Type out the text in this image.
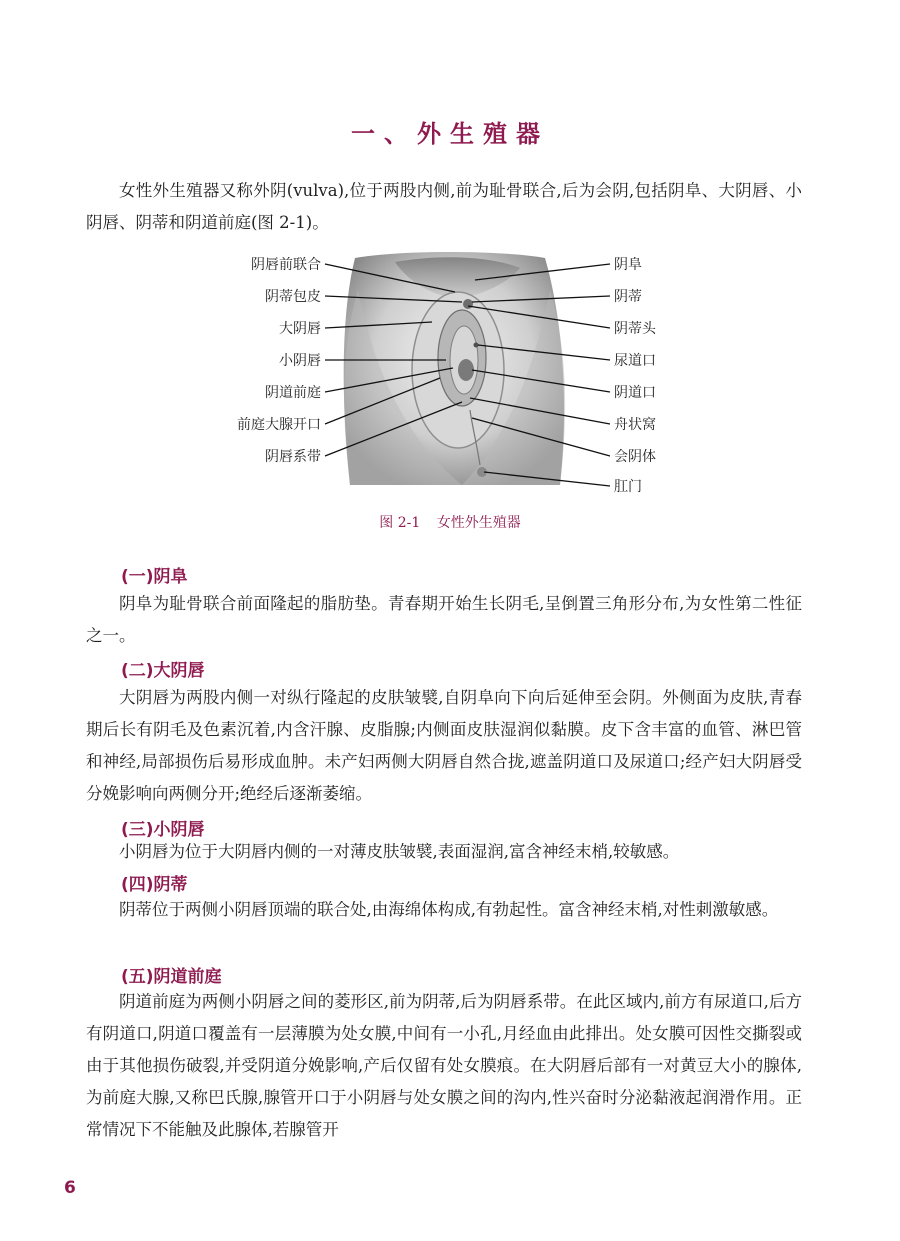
一、外生殖器

女性外生殖器又称外阴(vulva),位于两股内侧,前为耻骨联合,后为会阴,包括阴阜、大阴唇、小阴唇、阴蒂和阴道前庭(图 2-1)。

阴唇前联合
阴蒂包皮
大阴唇
小阴唇
阴道前庭
前庭大腺开口
阴唇系带
阴阜
阴蒂
阴蒂头
尿道口
阴道口
舟状窝
会阴体
肛门
图 2-1 女性外生殖器
(一)阴阜

阴阜为耻骨联合前面隆起的脂肪垫。青春期开始生长阴毛,呈倒置三角形分布,为女性第二性征之一。

(二)大阴唇

大阴唇为两股内侧一对纵行隆起的皮肤皱襞,自阴阜向下向后延伸至会阴。外侧面为皮肤,青春期后长有阴毛及色素沉着,内含汗腺、皮脂腺;内侧面皮肤湿润似黏膜。皮下含丰富的血管、淋巴管和神经,局部损伤后易形成血肿。未产妇两侧大阴唇自然合拢,遮盖阴道口及尿道口;经产妇大阴唇受分娩影响向两侧分开;绝经后逐渐萎缩。

(三)小阴唇

小阴唇为位于大阴唇内侧的一对薄皮肤皱襞,表面湿润,富含神经末梢,较敏感。

(四)阴蒂

阴蒂位于两侧小阴唇顶端的联合处,由海绵体构成,有勃起性。富含神经末梢,对性刺激敏感。

(五)阴道前庭

阴道前庭为两侧小阴唇之间的菱形区,前为阴蒂,后为阴唇系带。在此区域内,前方有尿道口,后方有阴道口,阴道口覆盖有一层薄膜为处女膜,中间有一小孔,月经血由此排出。处女膜可因性交撕裂或由于其他损伤破裂,并受阴道分娩影响,产后仅留有处女膜痕。在大阴唇后部有一对黄豆大小的腺体,为前庭大腺,又称巴氏腺,腺管开口于小阴唇与处女膜之间的沟内,性兴奋时分泌黏液起润滑作用。正常情况下不能触及此腺体,若腺管开

6
